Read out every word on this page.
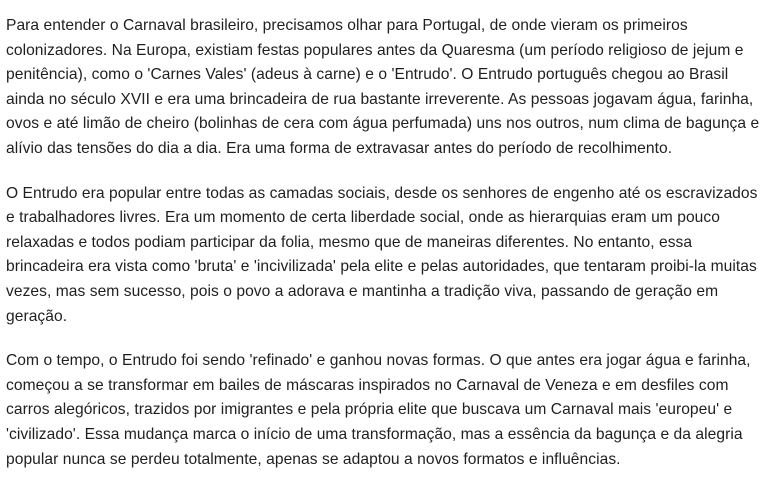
Para entender o Carnaval brasileiro, precisamos olhar para Portugal, de onde vieram os primeiros colonizadores. Na Europa, existiam festas populares antes da Quaresma (um período religioso de jejum e penitência), como o 'Carnes Vales' (adeus à carne) e o 'Entrudo'. O Entrudo português chegou ao Brasil ainda no século XVII e era uma brincadeira de rua bastante irreverente. As pessoas jogavam água, farinha, ovos e até limão de cheiro (bolinhas de cera com água perfumada) uns nos outros, num clima de bagunça e alívio das tensões do dia a dia. Era uma forma de extravasar antes do período de recolhimento.

O Entrudo era popular entre todas as camadas sociais, desde os senhores de engenho até os escravizados e trabalhadores livres. Era um momento de certa liberdade social, onde as hierarquias eram um pouco relaxadas e todos podiam participar da folia, mesmo que de maneiras diferentes. No entanto, essa brincadeira era vista como 'bruta' e 'incivilizada' pela elite e pelas autoridades, que tentaram proibi-la muitas vezes, mas sem sucesso, pois o povo a adorava e mantinha a tradição viva, passando de geração em geração.

Com o tempo, o Entrudo foi sendo 'refinado' e ganhou novas formas. O que antes era jogar água e farinha, começou a se transformar em bailes de máscaras inspirados no Carnaval de Veneza e em desfiles com carros alegóricos, trazidos por imigrantes e pela própria elite que buscava um Carnaval mais 'europeu' e 'civilizado'. Essa mudança marca o início de uma transformação, mas a essência da bagunça e da alegria popular nunca se perdeu totalmente, apenas se adaptou a novos formatos e influências.
